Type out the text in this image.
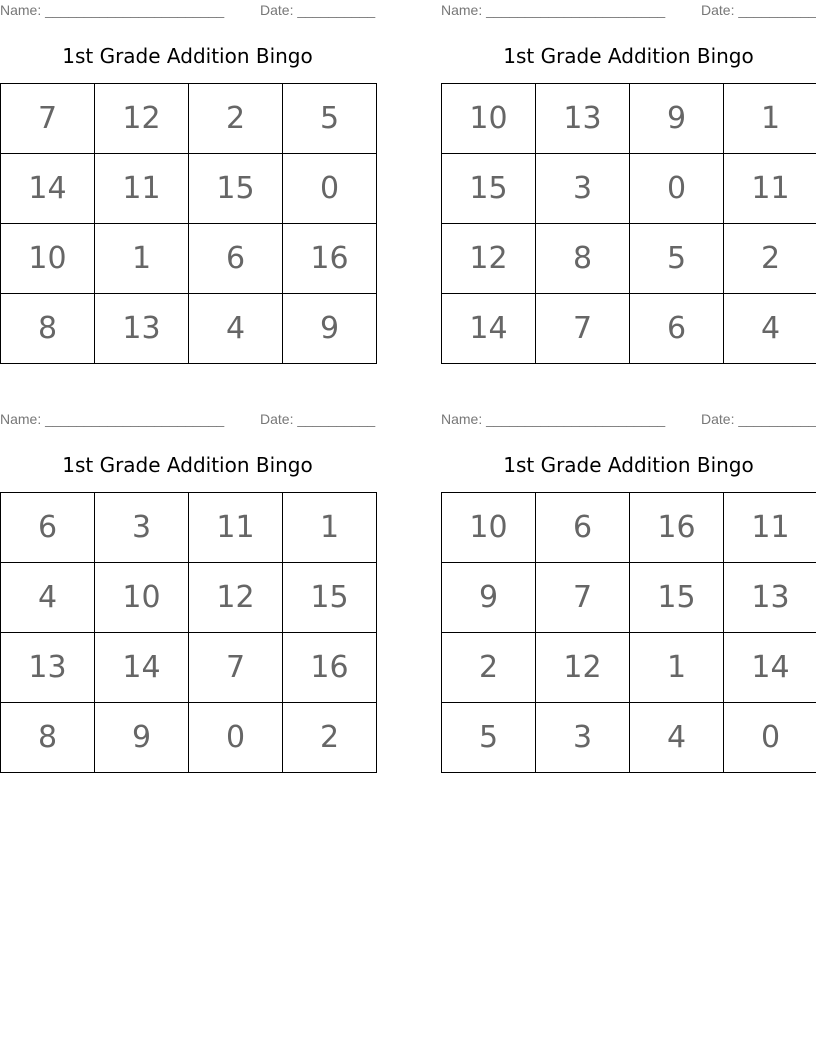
Name: _______________________	Date: __________
1st Grade Addition Bingo
7	12	2	5
14	11	15	0
10	1	6	16
8	13	4	9
Name: _______________________	Date: __________
1st Grade Addition Bingo
10	13	9	1
15	3	0	11
12	8	5	2
14	7	6	4
Name: _______________________	Date: __________
1st Grade Addition Bingo
6	3	11	1
4	10	12	15
13	14	7	16
8	9	0	2
Name: _______________________	Date: __________
1st Grade Addition Bingo
10	6	16	11
9	7	15	13
2	12	1	14
5	3	4	0
